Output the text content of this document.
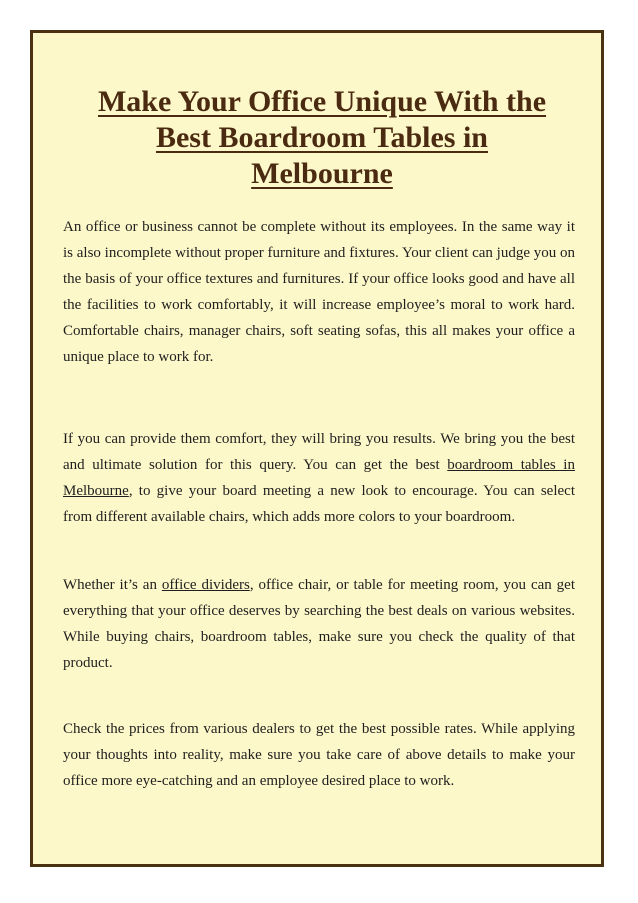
Make Your Office Unique With the
Best Boardroom Tables in
Melbourne

An office or business cannot be complete without its employees. In the same way it is also incomplete without proper furniture and fixtures. Your client can judge you on the basis of your office textures and furnitures. If your office looks good and have all the facilities to work comfortably, it will increase employee’s moral to work hard. Comfortable chairs, manager chairs, soft seating sofas, this all makes your office a unique place to work for.

If you can provide them comfort, they will bring you results. We bring you the best and ultimate solution for this query. You can get the best boardroom tables in Melbourne, to give your board meeting a new look to encourage. You can select from different available chairs, which adds more colors to your boardroom.

Whether it’s an office dividers, office chair, or table for meeting room, you can get everything that your office deserves by searching the best deals on various websites. While buying chairs, boardroom tables, make sure you check the quality of that product.

Check the prices from various dealers to get the best possible rates. While applying your thoughts into reality, make sure you take care of above details to make your office more eye-catching and an employee desired place to work.
